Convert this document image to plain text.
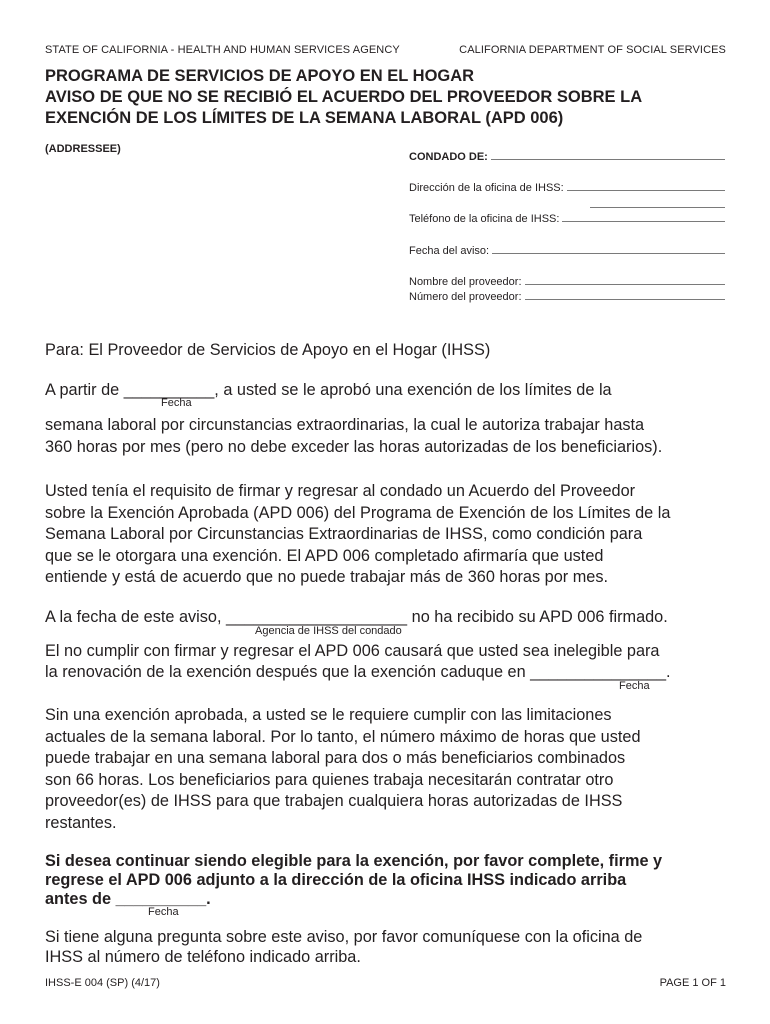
STATE OF CALIFORNIA - HEALTH AND HUMAN SERVICES AGENCY	CALIFORNIA DEPARTMENT OF SOCIAL SERVICES
PROGRAMA DE SERVICIOS DE APOYO EN EL HOGAR
AVISO DE QUE NO SE RECIBIÓ EL ACUERDO DEL PROVEEDOR SOBRE LA
EXENCIÓN DE LOS LÍMITES DE LA SEMANA LABORAL (APD 006)
(ADDRESSEE)
CONDADO DE:
Dirección de la oficina de IHSS:
Teléfono de la oficina de IHSS:
Fecha del aviso:
Nombre del proveedor:
Número del proveedor:
Para: El Proveedor de Servicios de Apoyo en el Hogar (IHSS)
A partir de __________, a usted se le aprobó una exención de los límites de la
Fecha
semana laboral por circunstancias extraordinarias, la cual le autoriza trabajar hasta
360 horas por mes (pero no debe exceder las horas autorizadas de los beneficiarios).
Usted tenía el requisito de firmar y regresar al condado un Acuerdo del Proveedor
sobre la Exención Aprobada (APD 006) del Programa de Exención de los Límites de la
Semana Laboral por Circunstancias Extraordinarias de IHSS, como condición para
que se le otorgara una exención. El APD 006 completado afirmaría que usted
entiende y está de acuerdo que no puede trabajar más de 360 horas por mes.
A la fecha de este aviso, ____________________ no ha recibido su APD 006 firmado.
Agencia de IHSS del condado
El no cumplir con firmar y regresar el APD 006 causará que usted sea inelegible para
la renovación de la exención después que la exención caduque en _______________.
Fecha
Sin una exención aprobada, a usted se le requiere cumplir con las limitaciones
actuales de la semana laboral. Por lo tanto, el número máximo de horas que usted
puede trabajar en una semana laboral para dos o más beneficiarios combinados
son 66 horas. Los beneficiarios para quienes trabaja necesitarán contratar otro
proveedor(es) de IHSS para que trabajen cualquiera horas autorizadas de IHSS
restantes.
Si desea continuar siendo elegible para la exención, por favor complete, firme y
regrese el APD 006 adjunto a la dirección de la oficina IHSS indicado arriba
antes de __________.
Fecha
Si tiene alguna pregunta sobre este aviso, por favor comuníquese con la oficina de
IHSS al número de teléfono indicado arriba.
IHSS-E 004 (SP) (4/17)	PAGE 1 OF 1
